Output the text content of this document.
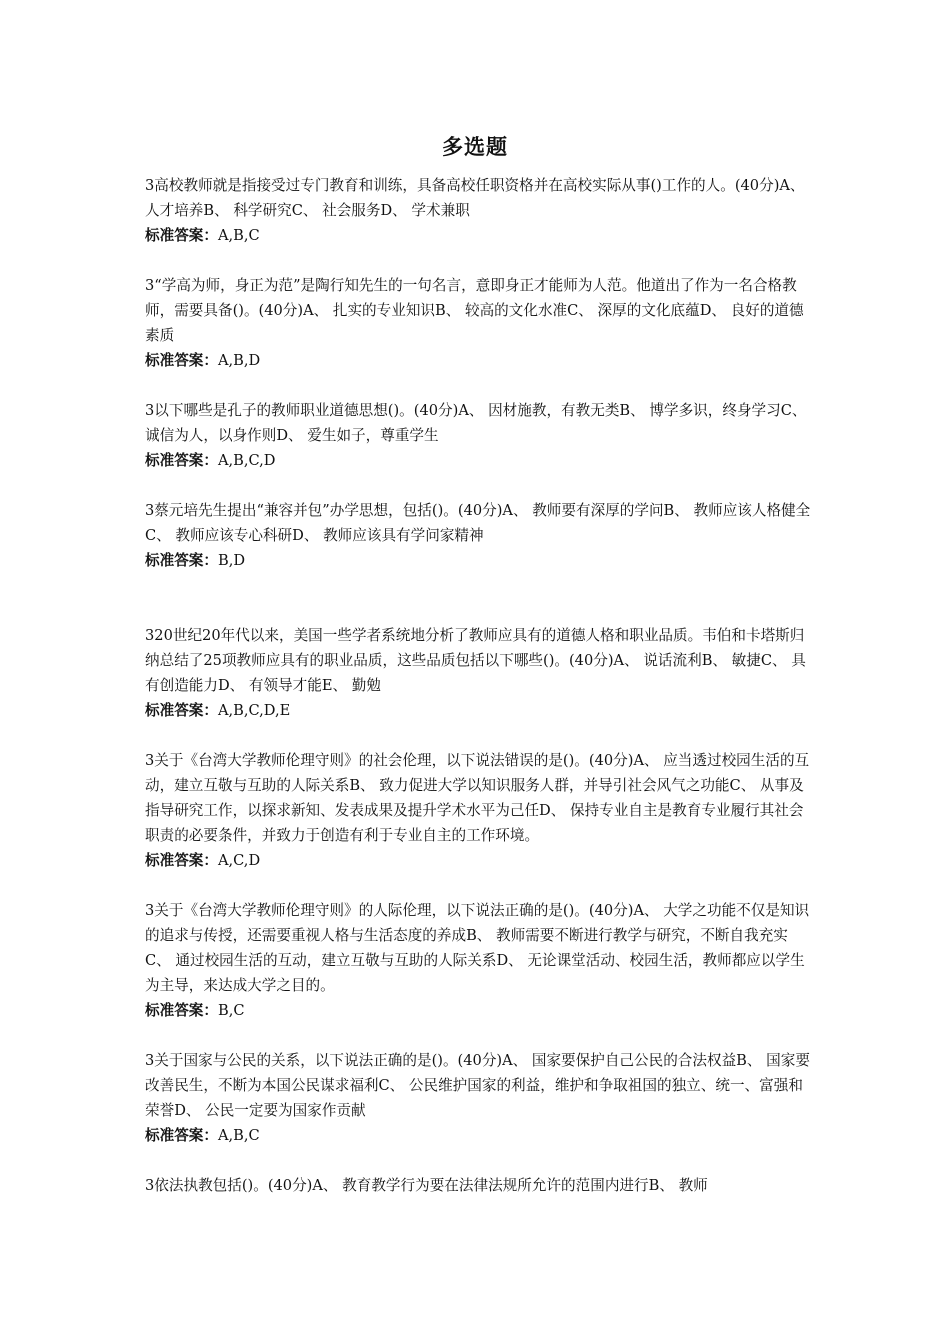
多选题

3高校教师就是指接受过专门教育和训练，具备高校任职资格并在高校实际从事()工作的人。(40分)A、 人才培养B、 科学研究C、 社会服务D、 学术兼职

标准答案：A,B,C

3“学高为师，身正为范”是陶行知先生的一句名言，意即身正才能师为人范。他道出了作为一名合格教师，需要具备()。(40分)A、 扎实的专业知识B、 较高的文化水准C、 深厚的文化底蕴D、 良好的道德素质

标准答案：A,B,D

3以下哪些是孔子的教师职业道德思想()。(40分)A、 因材施教，有教无类B、 博学多识，终身学习C、 诚信为人，以身作则D、 爱生如子，尊重学生

标准答案：A,B,C,D

3蔡元培先生提出“兼容并包”办学思想，包括()。(40分)A、 教师要有深厚的学问B、 教师应该人格健全C、 教师应该专心科研D、 教师应该具有学问家精神

标准答案：B,D

320世纪20年代以来，美国一些学者系统地分析了教师应具有的道德人格和职业品质。韦伯和卡塔斯归纳总结了25项教师应具有的职业品质，这些品质包括以下哪些()。(40分)A、 说话流利B、 敏捷C、 具有创造能力D、 有领导才能E、 勤勉

标准答案：A,B,C,D,E

3关于《台湾大学教师伦理守则》的社会伦理，以下说法错误的是()。(40分)A、 应当透过校园生活的互动，建立互敬与互助的人际关系B、 致力促进大学以知识服务人群，并导引社会风气之功能C、 从事及指导研究工作，以探求新知、发表成果及提升学术水平为己任D、 保持专业自主是教育专业履行其社会职责的必要条件，并致力于创造有利于专业自主的工作环境。

标准答案：A,C,D

3关于《台湾大学教师伦理守则》的人际伦理，以下说法正确的是()。(40分)A、 大学之功能不仅是知识的追求与传授，还需要重视人格与生活态度的养成B、 教师需要不断进行教学与研究，不断自我充实C、 通过校园生活的互动，建立互敬与互助的人际关系D、 无论课堂活动、校园生活，教师都应以学生为主导，来达成大学之目的。

标准答案：B,C

3关于国家与公民的关系，以下说法正确的是()。(40分)A、 国家要保护自己公民的合法权益B、 国家要改善民生，不断为本国公民谋求福利C、 公民维护国家的利益，维护和争取祖国的独立、统一、富强和荣誉D、 公民一定要为国家作贡献

标准答案：A,B,C

3依法执教包括()。(40分)A、 教育教学行为要在法律法规所允许的范围内进行B、 教师
